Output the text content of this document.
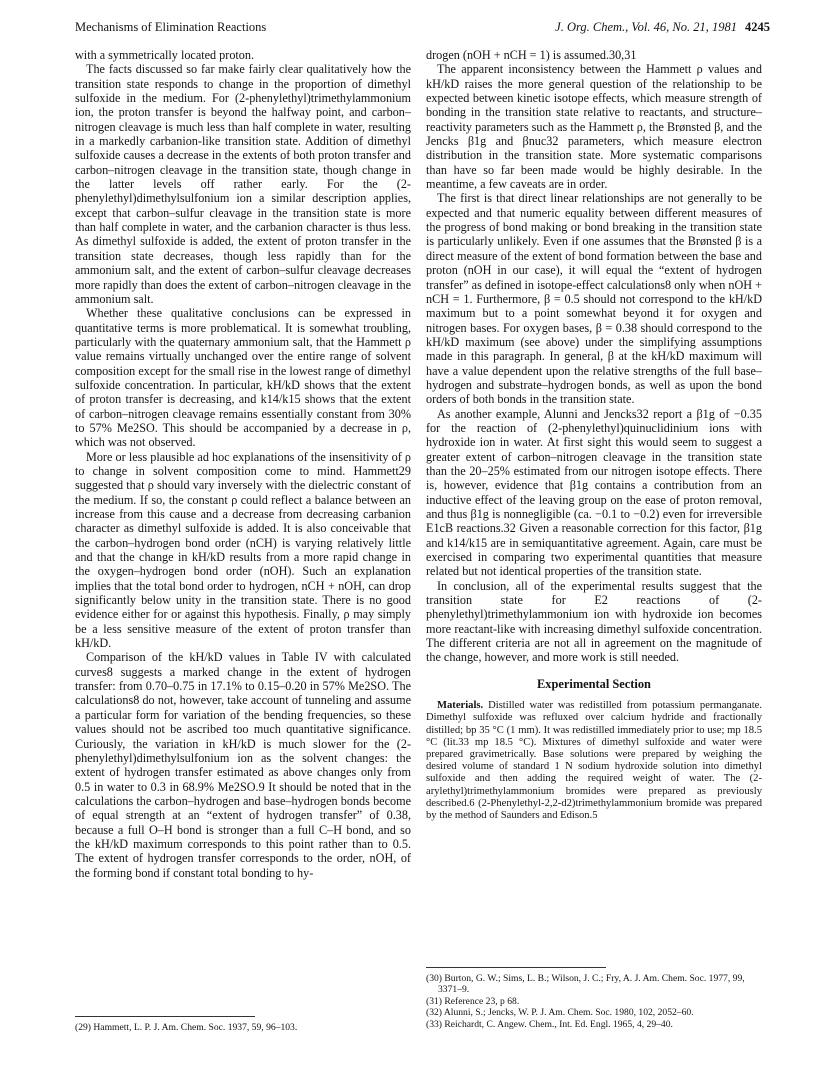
Mechanisms of Elimination Reactions	J. Org. Chem., Vol. 46, No. 21, 1981 4245

with a symmetrically located proton.

The facts discussed so far make fairly clear qualitatively how the transition state responds to change in the proportion of dimethyl sulfoxide in the medium. For (2-phenylethyl)trimethylammonium ion, the proton transfer is beyond the halfway point, and carbon–nitrogen cleavage is much less than half complete in water, resulting in a markedly carbanion-like transition state. Addition of dimethyl sulfoxide causes a decrease in the extents of both proton transfer and carbon–nitrogen cleavage in the transition state, though change in the latter levels off rather early. For the (2-phenylethyl)dimethylsulfonium ion a similar description applies, except that carbon–sulfur cleavage in the transition state is more than half complete in water, and the carbanion character is thus less. As dimethyl sulfoxide is added, the extent of proton transfer in the transition state decreases, though less rapidly than for the ammonium salt, and the extent of carbon–sulfur cleavage decreases more rapidly than does the extent of carbon–nitrogen cleavage in the ammonium salt.

Whether these qualitative conclusions can be expressed in quantitative terms is more problematical. It is somewhat troubling, particularly with the quaternary ammonium salt, that the Hammett ρ value remains virtually unchanged over the entire range of solvent composition except for the small rise in the lowest range of dimethyl sulfoxide concentration. In particular, kH/kD shows that the extent of proton transfer is decreasing, and k14/k15 shows that the extent of carbon–nitrogen cleavage remains essentially constant from 30% to 57% Me2SO. This should be accompanied by a decrease in ρ, which was not observed.

More or less plausible ad hoc explanations of the insensitivity of ρ to change in solvent composition come to mind. Hammett29 suggested that ρ should vary inversely with the dielectric constant of the medium. If so, the constant ρ could reflect a balance between an increase from this cause and a decrease from decreasing carbanion character as dimethyl sulfoxide is added. It is also conceivable that the carbon–hydrogen bond order (nCH) is varying relatively little and that the change in kH/kD results from a more rapid change in the oxygen–hydrogen bond order (nOH). Such an explanation implies that the total bond order to hydrogen, nCH + nOH, can drop significantly below unity in the transition state. There is no good evidence either for or against this hypothesis. Finally, ρ may simply be a less sensitive measure of the extent of proton transfer than kH/kD.

Comparison of the kH/kD values in Table IV with calculated curves8 suggests a marked change in the extent of hydrogen transfer: from 0.70–0.75 in 17.1% to 0.15–0.20 in 57% Me2SO. The calculations8 do not, however, take account of tunneling and assume a particular form for variation of the bending frequencies, so these values should not be ascribed too much quantitative significance. Curiously, the variation in kH/kD is much slower for the (2-phenylethyl)dimethylsulfonium ion as the solvent changes: the extent of hydrogen transfer estimated as above changes only from 0.5 in water to 0.3 in 68.9% Me2SO.9 It should be noted that in the calculations the carbon–hydrogen and base–hydrogen bonds become of equal strength at an “extent of hydrogen transfer” of 0.38, because a full O–H bond is stronger than a full C–H bond, and so the kH/kD maximum corresponds to this point rather than to 0.5. The extent of hydrogen transfer corresponds to the order, nOH, of the forming bond if constant total bonding to hy-

(29) Hammett, L. P. J. Am. Chem. Soc. 1937, 59, 96–103.

drogen (nOH + nCH = 1) is assumed.30,31

The apparent inconsistency between the Hammett ρ values and kH/kD raises the more general question of the relationship to be expected between kinetic isotope effects, which measure strength of bonding in the transition state relative to reactants, and structure–reactivity parameters such as the Hammett ρ, the Brønsted β, and the Jencks β1g and βnuc32 parameters, which measure electron distribution in the transition state. More systematic comparisons than have so far been made would be highly desirable. In the meantime, a few caveats are in order.

The first is that direct linear relationships are not generally to be expected and that numeric equality between different measures of the progress of bond making or bond breaking in the transition state is particularly unlikely. Even if one assumes that the Brønsted β is a direct measure of the extent of bond formation between the base and proton (nOH in our case), it will equal the “extent of hydrogen transfer” as defined in isotope-effect calculations8 only when nOH + nCH = 1. Furthermore, β = 0.5 should not correspond to the kH/kD maximum but to a point somewhat beyond it for oxygen and nitrogen bases. For oxygen bases, β = 0.38 should correspond to the kH/kD maximum (see above) under the simplifying assumptions made in this paragraph. In general, β at the kH/kD maximum will have a value dependent upon the relative strengths of the full base–hydrogen and substrate–hydrogen bonds, as well as upon the bond orders of both bonds in the transition state.

As another example, Alunni and Jencks32 report a β1g of −0.35 for the reaction of (2-phenylethyl)quinuclidinium ions with hydroxide ion in water. At first sight this would seem to suggest a greater extent of carbon–nitrogen cleavage in the transition state than the 20–25% estimated from our nitrogen isotope effects. There is, however, evidence that β1g contains a contribution from an inductive effect of the leaving group on the ease of proton removal, and thus β1g is nonnegligible (ca. −0.1 to −0.2) even for irreversible E1cB reactions.32 Given a reasonable correction for this factor, β1g and k14/k15 are in semiquantitative agreement. Again, care must be exercised in comparing two experimental quantities that measure related but not identical properties of the transition state.

In conclusion, all of the experimental results suggest that the transition state for E2 reactions of (2-phenylethyl)trimethylammonium ion with hydroxide ion becomes more reactant-like with increasing dimethyl sulfoxide concentration. The different criteria are not all in agreement on the magnitude of the change, however, and more work is still needed.

Experimental Section

Materials. Distilled water was redistilled from potassium permanganate. Dimethyl sulfoxide was refluxed over calcium hydride and fractionally distilled; bp 35 °C (1 mm). It was redistilled immediately prior to use; mp 18.5 °C (lit.33 mp 18.5 °C). Mixtures of dimethyl sulfoxide and water were prepared gravimetrically. Base solutions were prepared by weighing the desired volume of standard 1 N sodium hydroxide solution into dimethyl sulfoxide and then adding the required weight of water. The (2-arylethyl)trimethylammonium bromides were prepared as previously described.6 (2-Phenylethyl-2,2-d2)trimethylammonium bromide was prepared by the method of Saunders and Edison.5

(30) Burton, G. W.; Sims, L. B.; Wilson, J. C.; Fry, A. J. Am. Chem. Soc. 1977, 99, 3371–9.
(31) Reference 23, p 68.
(32) Alunni, S.; Jencks, W. P. J. Am. Chem. Soc. 1980, 102, 2052–60.
(33) Reichardt, C. Angew. Chem., Int. Ed. Engl. 1965, 4, 29–40.
